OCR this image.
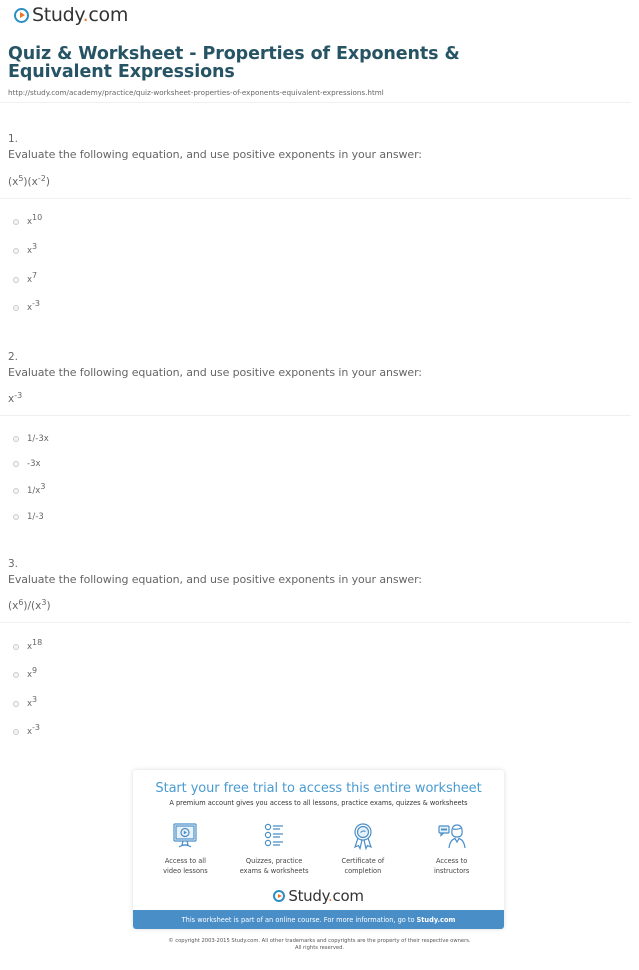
Study.com
Quiz & Worksheet - Properties of Exponents & Equivalent Expressions
http://study.com/academy/practice/quiz-worksheet-properties-of-exponents-equivalent-expressions.html
1.
Evaluate the following equation, and use positive exponents in your answer:
$(x^5)(x^{-2})$
$x^{10}$
$x^3$
$x^7$
$x^{-3}$
2.
Evaluate the following equation, and use positive exponents in your answer:
$x^{-3}$
1/-3x
-3x
$1/x^3$
1/-3
3.
Evaluate the following equation, and use positive exponents in your answer:
$(x^6)/(x^3)$
$x^{18}$
$x^9$
$x^3$
$x^{-3}$
Start your free trial to access this entire worksheet
A premium account gives you access to all lessons, practice exams, quizzes & worksheets
Access to all
video lessons
Quizzes, practice
exams & worksheets
Certificate of
completion
Access to
instructors
Study.com
This worksheet is part of an online course. For more information, go to Study.com
© copyright 2003-2015 Study.com. All other trademarks and copyrights are the property of their respective owners.
All rights reserved.
